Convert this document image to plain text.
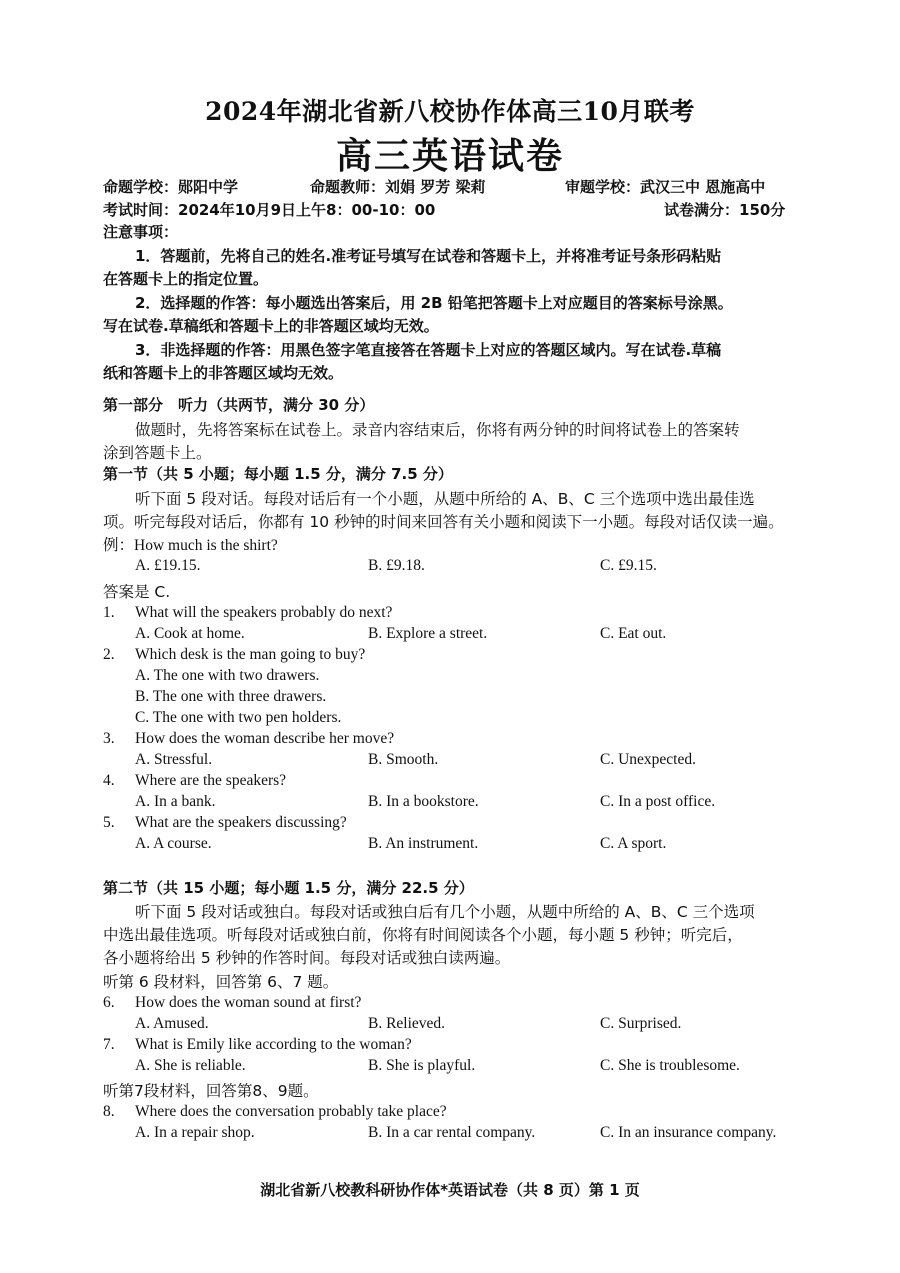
2024年湖北省新八校协作体高三10月联考
高三英语试卷
命题学校：郧阳中学	命题教师：刘娟 罗芳 梁莉	审题学校：武汉三中 恩施高中
考试时间：2024年10月9日上午8：00-10：00	试卷满分：150分
注意事项：
1．答题前，先将自己的姓名.准考证号填写在试卷和答题卡上，并将准考证号条形码粘贴
在答题卡上的指定位置。
2．选择题的作答：每小题选出答案后，用 2B 铅笔把答题卡上对应题目的答案标号涂黑。
写在试卷.草稿纸和答题卡上的非答题区域均无效。
3．非选择题的作答：用黑色签字笔直接答在答题卡上对应的答题区域内。写在试卷.草稿
纸和答题卡上的非答题区域均无效。
第一部分　听力（共两节，满分 30 分）
做题时，先将答案标在试卷上。录音内容结束后，你将有两分钟的时间将试卷上的答案转
涂到答题卡上。
第一节（共 5 小题；每小题 1.5 分，满分 7.5 分）
听下面 5 段对话。每段对话后有一个小题，从题中所给的 A、B、C 三个选项中选出最佳选
项。听完每段对话后，你都有 10 秒钟的时间来回答有关小题和阅读下一小题。每段对话仅读一遍。
例：How much is the shirt?
A. £19.15.	B. £9.18.	C. £9.15.
答案是 C.
1. What will the speakers probably do next?
A. Cook at home.	B. Explore a street.	C. Eat out.
2. Which desk is the man going to buy?
A. The one with two drawers.
B. The one with three drawers.
C. The one with two pen holders.
3. How does the woman describe her move?
A. Stressful.	B. Smooth.	C. Unexpected.
4. Where are the speakers?
A. In a bank.	B. In a bookstore.	C. In a post office.
5. What are the speakers discussing?
A. A course.	B. An instrument.	C. A sport.
第二节（共 15 小题；每小题 1.5 分，满分 22.5 分）
听下面 5 段对话或独白。每段对话或独白后有几个小题，从题中所给的 A、B、C 三个选项
中选出最佳选项。听每段对话或独白前，你将有时间阅读各个小题，每小题 5 秒钟；听完后，
各小题将给出 5 秒钟的作答时间。每段对话或独白读两遍。
听第 6 段材料，回答第 6、7 题。
6. How does the woman sound at first?
A. Amused.	B. Relieved.	C. Surprised.
7. What is Emily like according to the woman?
A. She is reliable.	B. She is playful.	C. She is troublesome.
听第7段材料，回答第8、9题。
8. Where does the conversation probably take place?
A. In a repair shop.	B. In a car rental company.	C. In an insurance company.
湖北省新八校教科研协作体*英语试卷（共 8 页）第 1 页
